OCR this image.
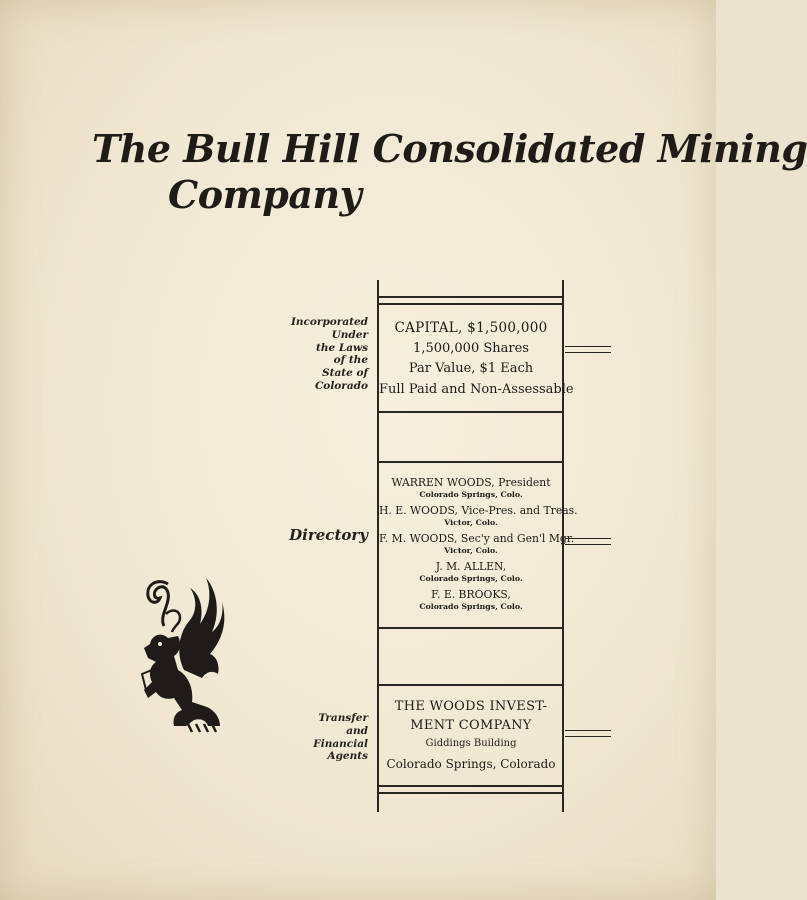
The Bull Hill Consolidated Mining
Company
Incorporated
Under
the Laws
of the
State of
Colorado
CAPITAL, $1,500,000
1,500,000 Shares
Par Value, $1 Each
Full Paid and Non-Assessable
Directory
WARREN WOODS, President
Colorado Springs, Colo.
H. E. WOODS, Vice-Pres. and Treas.
Victor, Colo.
F. M. WOODS, Sec'y and Gen'l Mgr.
Victor, Colo.
J. M. ALLEN,
Colorado Springs, Colo.
F. E. BROOKS,
Colorado Springs, Colo.
Transfer
and
Financial
Agents
THE WOODS INVEST-
MENT COMPANY
Giddings Building
Colorado Springs, Colorado
